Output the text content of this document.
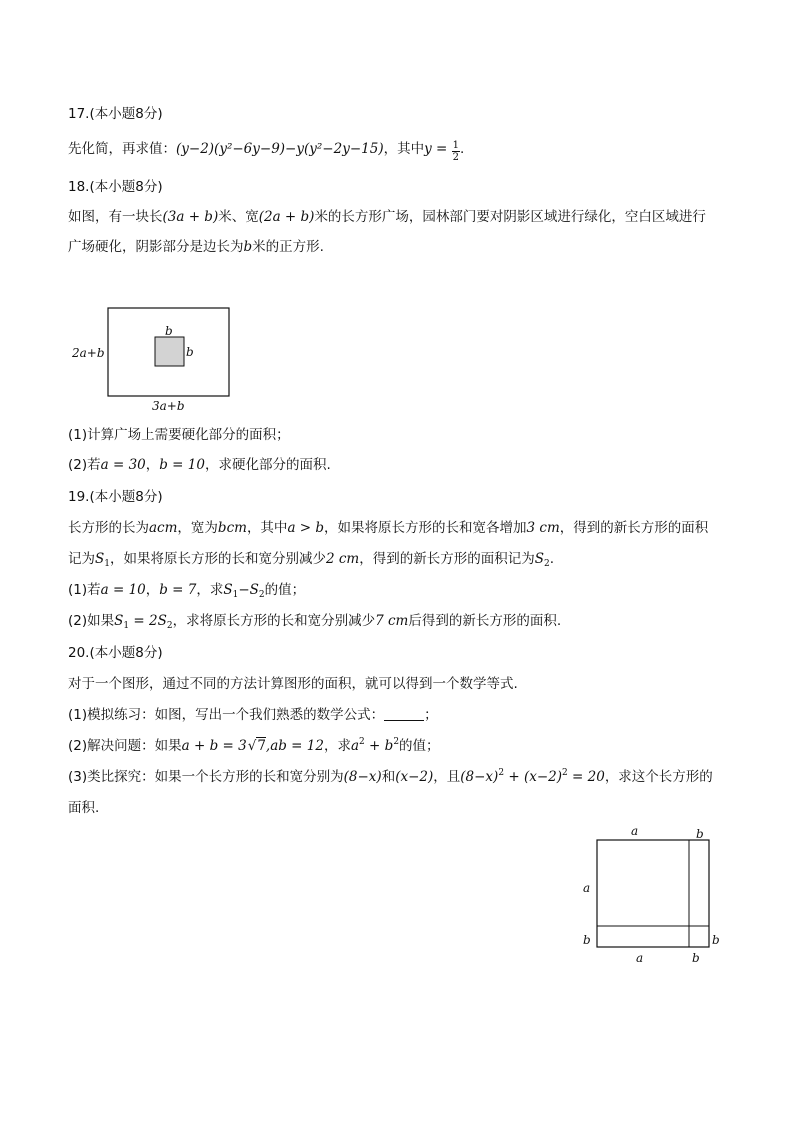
17.(本小题8分)
先化简，再求值：(y−2)(y²−6y−9)−y(y²−2y−15)，其中$y = \frac{1}{2}$ .
18.(本小题8分)
如图，有一块长(3a + b)米、宽(2a + b)米的长方形广场，园林部门要对阴影区域进行绿化，空白区域进行
广场硬化，阴影部分是边长为b米的正方形.
b
b
2a+b
3a+b
(1)计算广场上需要硬化部分的面积；
(2)若a = 30，b = 10，求硬化部分的面积.
19.(本小题8分)
长方形的长为acm，宽为bcm，其中a > b，如果将原长方形的长和宽各增加3 cm，得到的新长方形的面积
记为$S_1$，如果将原长方形的长和宽分别减少2 cm，得到的新长方形的面积记为$S_2$.
(1)若a = 10，b = 7，求$S_1-S_2$的值；
(2)如果$S_1 = 2S_2$，求将原长方形的长和宽分别减少7 cm后得到的新长方形的面积.
20.(本小题8分)
对于一个图形，通过不同的方法计算图形的面积，就可以得到一个数学等式.
(1)模拟练习：如图，写出一个我们熟悉的数学公式：	；
(2)解决问题：如果a + b = 3√7,ab = 12，求$a^2 + b^2$的值；
(3)类比探究：如果一个长方形的长和宽分别为(8−x)和(x−2)，且$(8-x)^2 + (x-2)^2 = 20$，求这个长方形的
面积.
a	b
a
b	b
a	b
